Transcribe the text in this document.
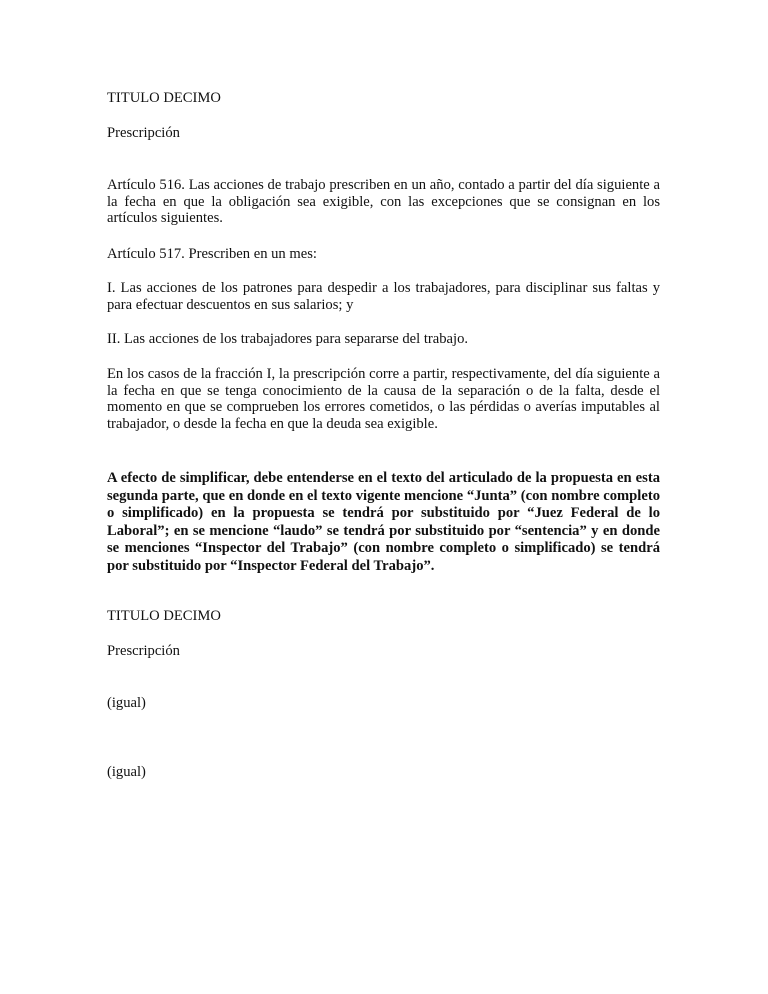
TITULO DECIMO

Prescripción

Artículo 516. Las acciones de trabajo prescriben en un año, contado a partir del día siguiente a la fecha en que la obligación sea exigible, con las excepciones que se consignan en los artículos siguientes.

Artículo 517. Prescriben en un mes:

I. Las acciones de los patrones para despedir a los trabajadores, para disciplinar sus faltas y para efectuar descuentos en sus salarios; y

II. Las acciones de los trabajadores para separarse del trabajo.

En los casos de la fracción I, la prescripción corre a partir, respectivamente, del día siguiente a la fecha en que se tenga conocimiento de la causa de la separación o de la falta, desde el momento en que se comprueben los errores cometidos, o las pérdidas o averías imputables al trabajador, o desde la fecha en que la deuda sea exigible.

A efecto de simplificar, debe entenderse en el texto del articulado de la propuesta en esta segunda parte, que en donde en el texto vigente mencione “Junta” (con nombre completo o simplificado) en la propuesta se tendrá por substituido por “Juez Federal de lo Laboral”; en se mencione “laudo” se tendrá por substituido por “sentencia” y en donde se menciones “Inspector del Trabajo” (con nombre completo o simplificado) se tendrá por substituido por “Inspector Federal del Trabajo”.

TITULO DECIMO

Prescripción

(igual)

(igual)
